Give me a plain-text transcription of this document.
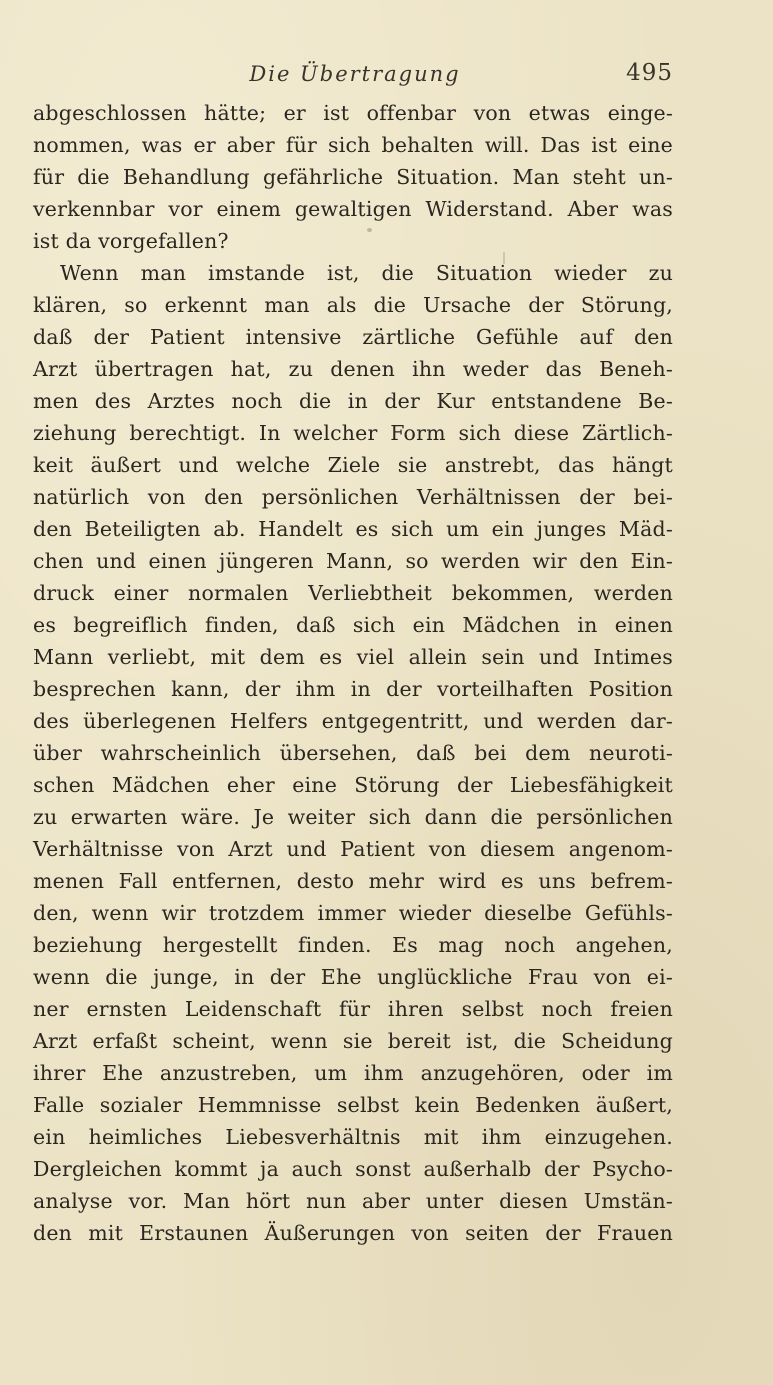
Die Übertragung	495
abgeschlossen hätte; er ist offenbar von etwas einge-
nommen, was er aber für sich behalten will. Das ist eine
für die Behandlung gefährliche Situation. Man steht un-
verkennbar vor einem gewaltigen Widerstand. Aber was
ist da vorgefallen?
Wenn man imstande ist, die Situation wieder zu
klären, so erkennt man als die Ursache der Störung,
daß der Patient intensive zärtliche Gefühle auf den
Arzt übertragen hat, zu denen ihn weder das Beneh-
men des Arztes noch die in der Kur entstandene Be-
ziehung berechtigt. In welcher Form sich diese Zärtlich-
keit äußert und welche Ziele sie anstrebt, das hängt
natürlich von den persönlichen Verhältnissen der bei-
den Beteiligten ab. Handelt es sich um ein junges Mäd-
chen und einen jüngeren Mann, so werden wir den Ein-
druck einer normalen Verliebtheit bekommen, werden
es begreiflich finden, daß sich ein Mädchen in einen
Mann verliebt, mit dem es viel allein sein und Intimes
besprechen kann, der ihm in der vorteilhaften Position
des überlegenen Helfers entgegentritt, und werden dar-
über wahrscheinlich übersehen, daß bei dem neuroti-
schen Mädchen eher eine Störung der Liebesfähigkeit
zu erwarten wäre. Je weiter sich dann die persönlichen
Verhältnisse von Arzt und Patient von diesem angenom-
menen Fall entfernen, desto mehr wird es uns befrem-
den, wenn wir trotzdem immer wieder dieselbe Gefühls-
beziehung hergestellt finden. Es mag noch angehen,
wenn die junge, in der Ehe unglückliche Frau von ei-
ner ernsten Leidenschaft für ihren selbst noch freien
Arzt erfaßt scheint, wenn sie bereit ist, die Scheidung
ihrer Ehe anzustreben, um ihm anzugehören, oder im
Falle sozialer Hemmnisse selbst kein Bedenken äußert,
ein heimliches Liebesverhältnis mit ihm einzugehen.
Dergleichen kommt ja auch sonst außerhalb der Psycho-
analyse vor. Man hört nun aber unter diesen Umstän-
den mit Erstaunen Äußerungen von seiten der Frauen
